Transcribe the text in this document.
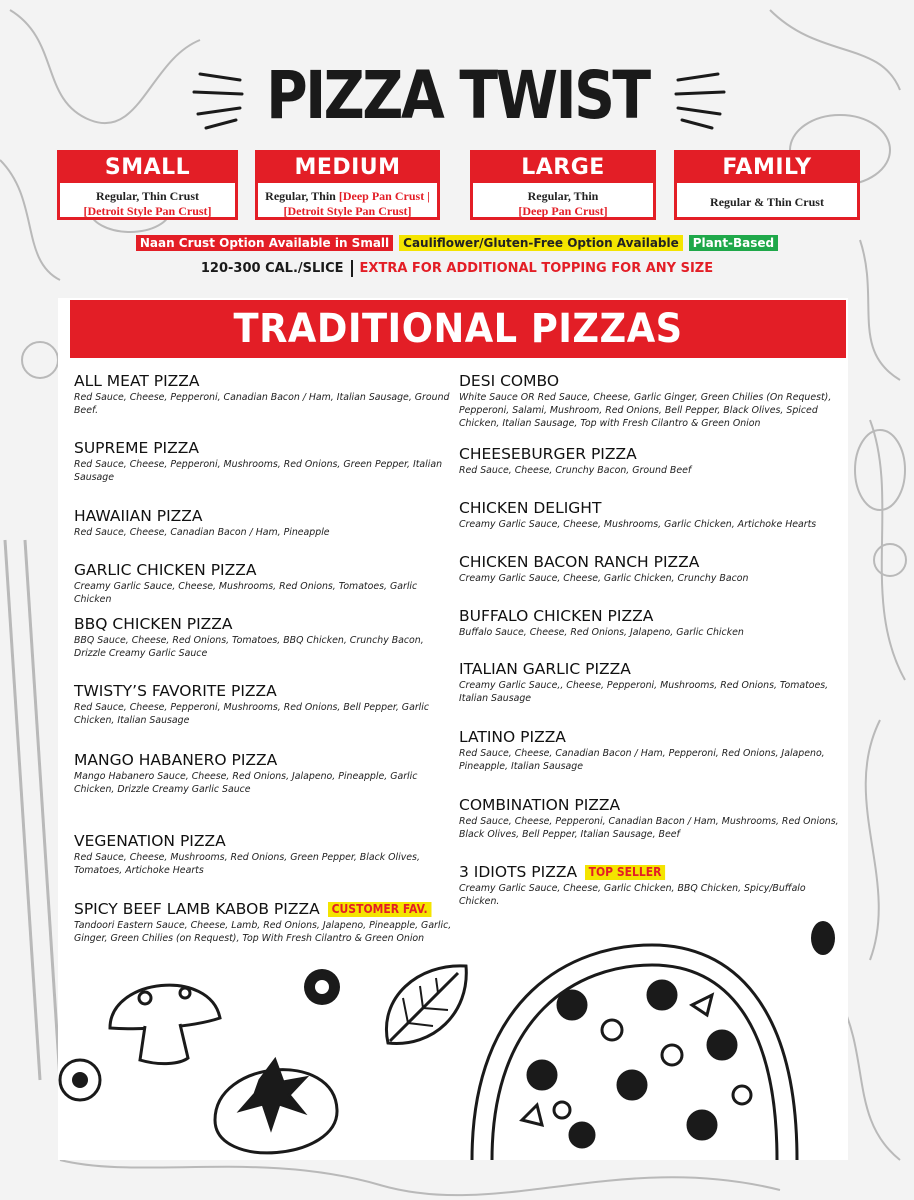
PIZZA TWIST
SMALL
Regular, Thin Crust
[Detroit Style Pan Crust]
MEDIUM
Regular, Thin [Deep Pan Crust |
[Detroit Style Pan Crust]
LARGE
Regular, Thin
[Deep Pan Crust]
FAMILY
Regular & Thin Crust
Naan Crust Option Available in Small Cauliflower/Gluten-Free Option Available Plant-Based
120-300 CAL./SLICE EXTRA FOR ADDITIONAL TOPPING FOR ANY SIZE
TRADITIONAL PIZZAS
ALL MEAT PIZZA
Red Sauce, Cheese, Pepperoni, Canadian Bacon / Ham, Italian Sausage, Ground Beef.
SUPREME PIZZA
Red Sauce, Cheese, Pepperoni, Mushrooms, Red Onions, Green Pepper, Italian Sausage
HAWAIIAN PIZZA
Red Sauce, Cheese, Canadian Bacon / Ham, Pineapple
GARLIC CHICKEN PIZZA
Creamy Garlic Sauce, Cheese, Mushrooms, Red Onions, Tomatoes, Garlic Chicken
BBQ CHICKEN PIZZA
BBQ Sauce, Cheese, Red Onions, Tomatoes, BBQ Chicken, Crunchy Bacon, Drizzle Creamy Garlic Sauce
TWISTY’S FAVORITE PIZZA
Red Sauce, Cheese, Pepperoni, Mushrooms, Red Onions, Bell Pepper, Garlic Chicken, Italian Sausage
MANGO HABANERO PIZZA
Mango Habanero Sauce, Cheese, Red Onions, Jalapeno, Pineapple, Garlic Chicken, Drizzle Creamy Garlic Sauce
VEGENATION PIZZA
Red Sauce, Cheese, Mushrooms, Red Onions, Green Pepper, Black Olives, Tomatoes, Artichoke Hearts
SPICY BEEF LAMB KABOB PIZZA CUSTOMER FAV.
Tandoori Eastern Sauce, Cheese, Lamb, Red Onions, Jalapeno, Pineapple, Garlic, Ginger, Green Chilies (on Request), Top With Fresh Cilantro & Green Onion
DESI COMBO
White Sauce OR Red Sauce, Cheese, Garlic Ginger, Green Chilies (On Request), Pepperoni, Salami, Mushroom, Red Onions, Bell Pepper, Black Olives, Spiced Chicken, Italian Sausage, Top with Fresh Cilantro & Green Onion
CHEESEBURGER PIZZA
Red Sauce, Cheese, Crunchy Bacon, Ground Beef
CHICKEN DELIGHT
Creamy Garlic Sauce, Cheese, Mushrooms, Garlic Chicken, Artichoke Hearts
CHICKEN BACON RANCH PIZZA
Creamy Garlic Sauce, Cheese, Garlic Chicken, Crunchy Bacon
BUFFALO CHICKEN PIZZA
Buffalo Sauce, Cheese, Red Onions, Jalapeno, Garlic Chicken
ITALIAN GARLIC PIZZA
Creamy Garlic Sauce,, Cheese, Pepperoni, Mushrooms, Red Onions, Tomatoes, Italian Sausage
LATINO PIZZA
Red Sauce, Cheese, Canadian Bacon / Ham, Pepperoni, Red Onions, Jalapeno, Pineapple, Italian Sausage
COMBINATION PIZZA
Red Sauce, Cheese, Pepperoni, Canadian Bacon / Ham, Mushrooms, Red Onions, Black Olives, Bell Pepper, Italian Sausage, Beef
3 IDIOTS PIZZA TOP SELLER
Creamy Garlic Sauce, Cheese, Garlic Chicken, BBQ Chicken, Spicy/Buffalo Chicken.
